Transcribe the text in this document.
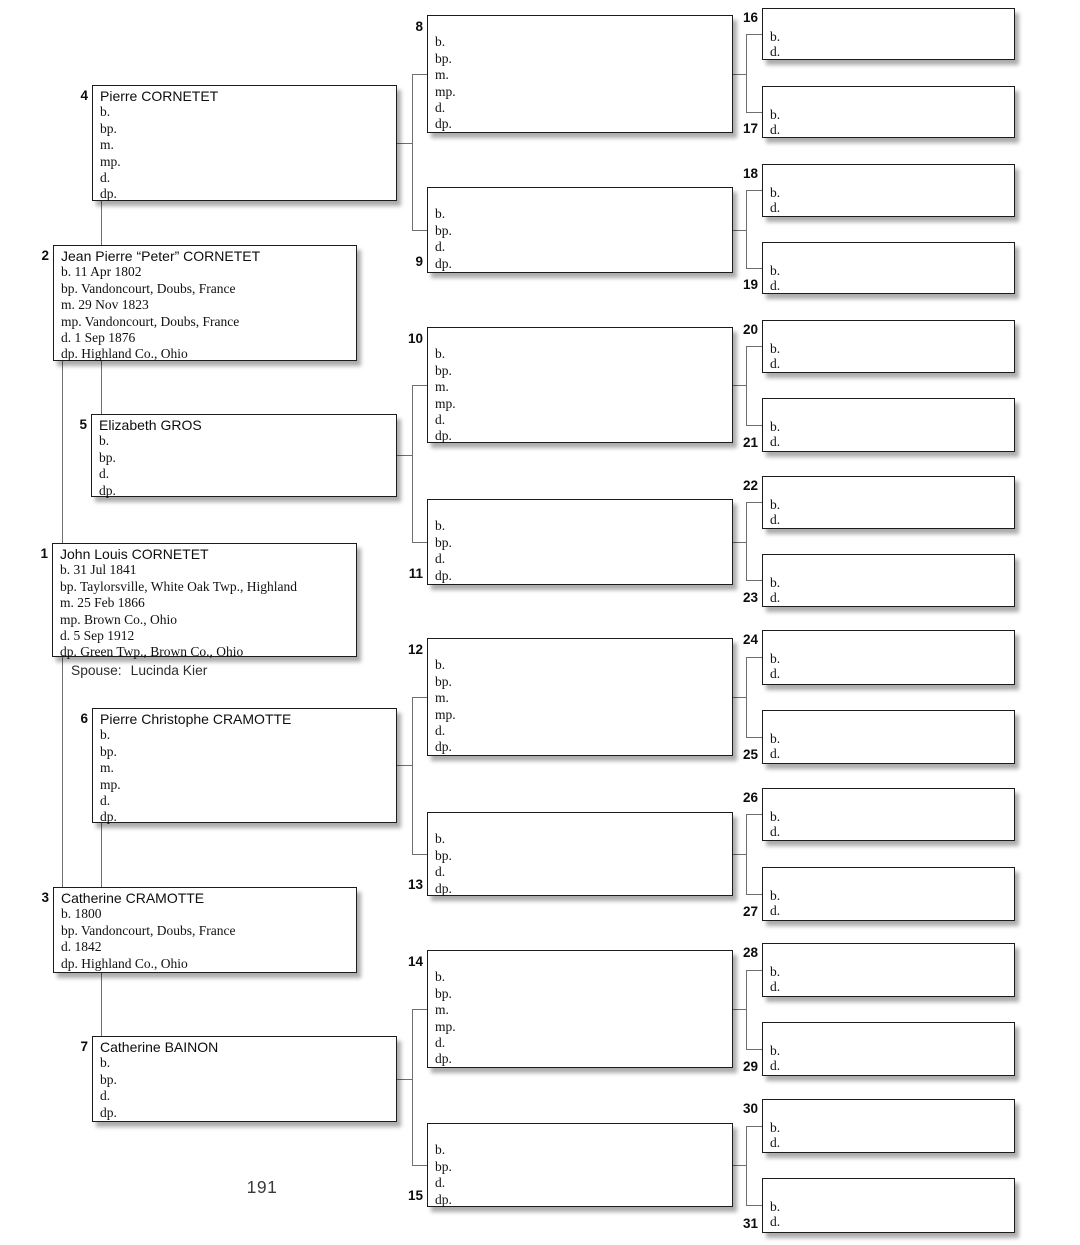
Spouse: Lucinda Kier
191
John Louis CORNETET
b. 31 Jul 1841
bp. Taylorsville, White Oak Twp., Highland
m. 25 Feb 1866
mp. Brown Co., Ohio
d. 5 Sep 1912
dp. Green Twp., Brown Co., Ohio
1
Jean Pierre “Peter” CORNETET
b. 11 Apr 1802
bp. Vandoncourt, Doubs, France
m. 29 Nov 1823
mp. Vandoncourt, Doubs, France
d. 1 Sep 1876
dp. Highland Co., Ohio
2
Catherine CRAMOTTE
b. 1800
bp. Vandoncourt, Doubs, France
d. 1842
dp. Highland Co., Ohio
3
Pierre CORNETET
b.
bp.
m.
mp.
d.
dp.
4
Elizabeth GROS
b.
bp.
d.
dp.
5
Pierre Christophe CRAMOTTE
b.
bp.
m.
mp.
d.
dp.
6
Catherine BAINON
b.
bp.
d.
dp.
7
b.
bp.
m.
mp.
d.
dp.
8
b.
bp.
d.
dp.
9
b.
bp.
m.
mp.
d.
dp.
10
b.
bp.
d.
dp.
11
b.
bp.
m.
mp.
d.
dp.
12
b.
bp.
d.
dp.
13
b.
bp.
m.
mp.
d.
dp.
14
b.
bp.
d.
dp.
15
b.
d.
16
b.
d.
17
b.
d.
18
b.
d.
19
b.
d.
20
b.
d.
21
b.
d.
22
b.
d.
23
b.
d.
24
b.
d.
25
b.
d.
26
b.
d.
27
b.
d.
28
b.
d.
29
b.
d.
30
b.
d.
31
